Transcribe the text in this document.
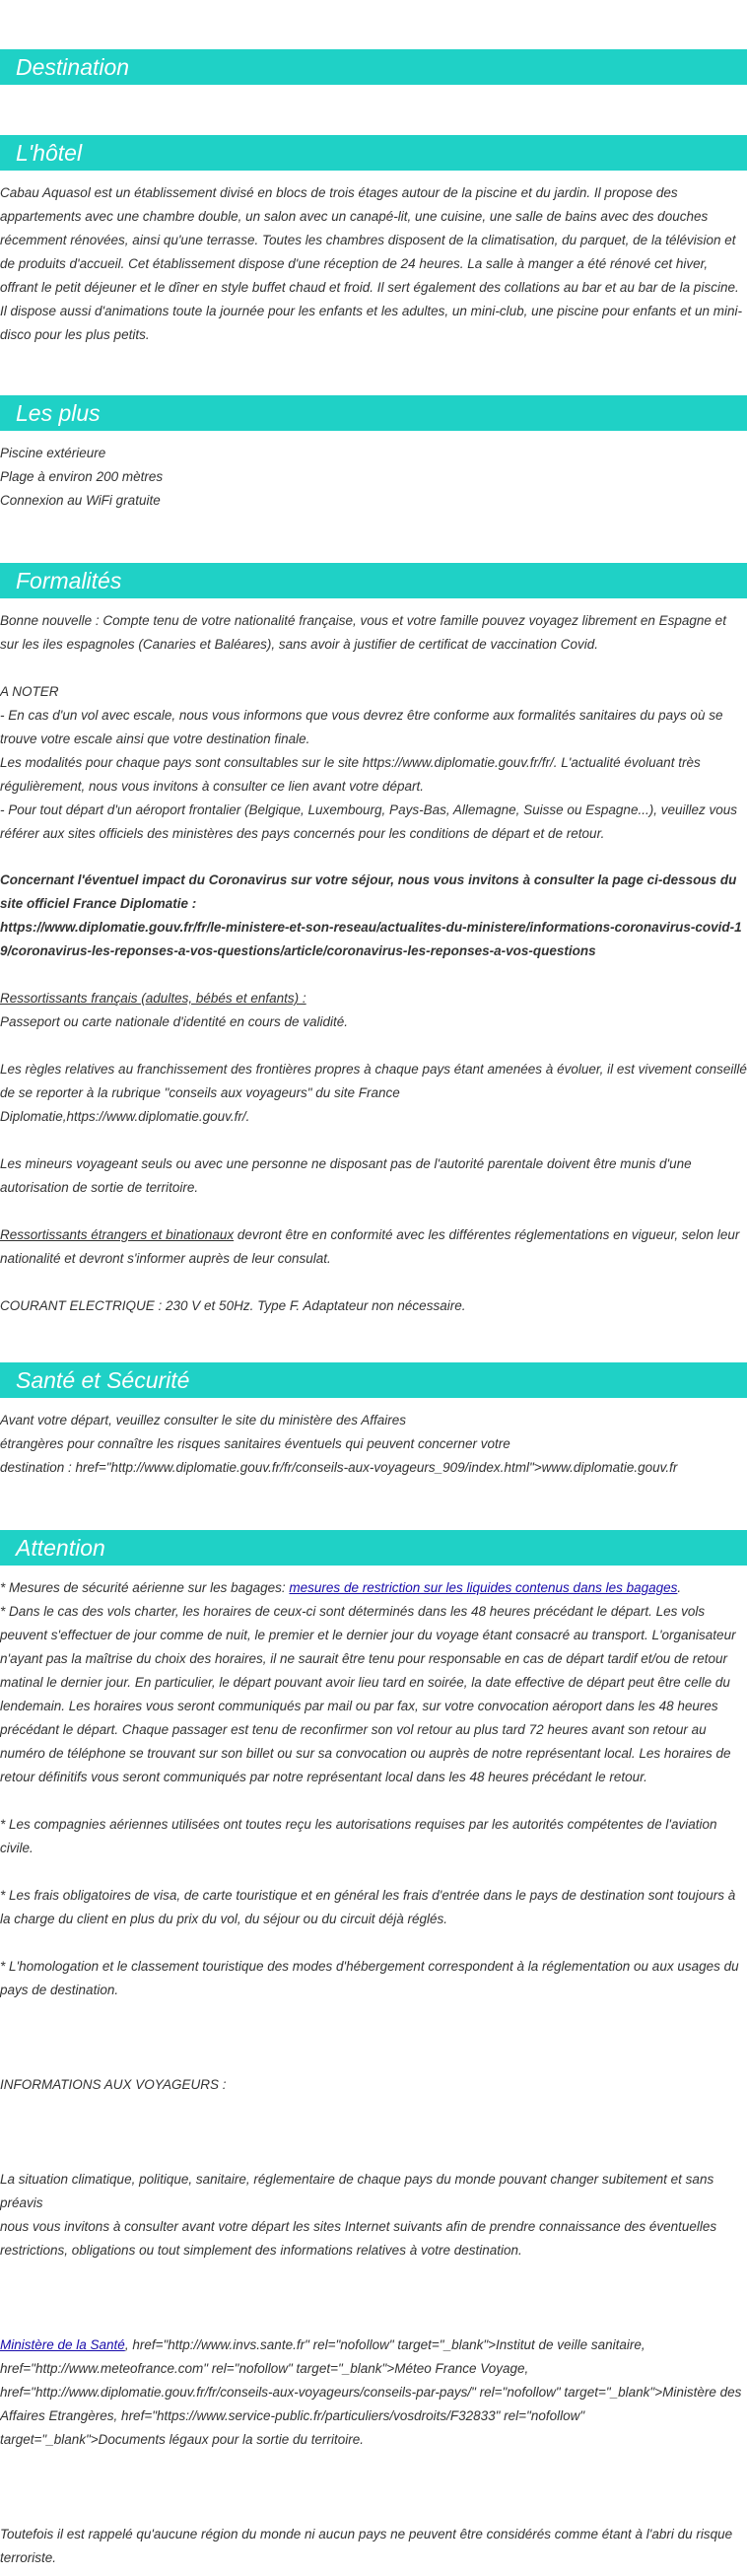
Destination
L'hôtel

Cabau Aquasol est un établissement divisé en blocs de trois étages autour de la piscine et du jardin. Il propose des appartements avec une chambre double, un salon avec un canapé-lit, une cuisine, une salle de bains avec des douches récemment rénovées, ainsi qu'une terrasse. Toutes les chambres disposent de la climatisation, du parquet, de la télévision et de produits d'accueil. Cet établissement dispose d'une réception de 24 heures. La salle à manger a été rénové cet hiver, offrant le petit déjeuner et le dîner en style buffet chaud et froid. Il sert également des collations au bar et au bar de la piscine. Il dispose aussi d'animations toute la journée pour les enfants et les adultes, un mini-club, une piscine pour enfants et un mini-disco pour les plus petits.

Les plus

Piscine extérieure

Plage à environ 200 mètres

Connexion au WiFi gratuite

Formalités

Bonne nouvelle : Compte tenu de votre nationalité française, vous et votre famille pouvez voyagez librement en Espagne et sur les iles espagnoles (Canaries et Baléares), sans avoir à justifier de certificat de vaccination Covid.

A NOTER

- En cas d'un vol avec escale, nous vous informons que vous devrez être conforme aux formalités sanitaires du pays où se trouve votre escale ainsi que votre destination finale.

Les modalités pour chaque pays sont consultables sur le site https://www.diplomatie.gouv.fr/fr/. L'actualité évoluant très régulièrement, nous vous invitons à consulter ce lien avant votre départ.

- Pour tout départ d'un aéroport frontalier (Belgique, Luxembourg, Pays-Bas, Allemagne, Suisse ou Espagne...), veuillez vous référer aux sites officiels des ministères des pays concernés pour les conditions de départ et de retour.

Concernant l'éventuel impact du Coronavirus sur votre séjour, nous vous invitons à consulter la page ci-dessous du site officiel France Diplomatie :

https://www.diplomatie.gouv.fr/fr/le-ministere-et-son-reseau/actualites-du-ministere/informations-coronavirus-covid-19/coronavirus-les-reponses-a-vos-questions/article/coronavirus-les-reponses-a-vos-questions

Ressortissants français (adultes, bébés et enfants) :

Passeport ou carte nationale d'identité en cours de validité.

Les règles relatives au franchissement des frontières propres à chaque pays étant amenées à évoluer, il est vivement conseillé de se reporter à la rubrique "conseils aux voyageurs" du site France

Diplomatie,https://www.diplomatie.gouv.fr/.

Les mineurs voyageant seuls ou avec une personne ne disposant pas de l'autorité parentale doivent être munis d'une autorisation de sortie de territoire.

Ressortissants étrangers et binationaux devront être en conformité avec les différentes réglementations en vigueur, selon leur nationalité et devront s'informer auprès de leur consulat.

COURANT ELECTRIQUE : 230 V et 50Hz. Type F. Adaptateur non nécessaire.

Santé et Sécurité

Avant votre départ, veuillez consulter le site du ministère des Affaires

étrangères pour connaître les risques sanitaires éventuels qui peuvent concerner votre

destination : href="http://www.diplomatie.gouv.fr/fr/conseils-aux-voyageurs_909/index.html">www.diplomatie.gouv.fr

Attention

* Mesures de sécurité aérienne sur les bagages: mesures de restriction sur les liquides contenus dans les bagages.

* Dans le cas des vols charter, les horaires de ceux-ci sont déterminés dans les 48 heures précédant le départ. Les vols peuvent s'effectuer de jour comme de nuit, le premier et le dernier jour du voyage étant consacré au transport. L'organisateur n'ayant pas la maîtrise du choix des horaires, il ne saurait être tenu pour responsable en cas de départ tardif et/ou de retour matinal le dernier jour. En particulier, le départ pouvant avoir lieu tard en soirée, la date effective de départ peut être celle du lendemain. Les horaires vous seront communiqués par mail ou par fax, sur votre convocation aéroport dans les 48 heures précédant le départ. Chaque passager est tenu de reconfirmer son vol retour au plus tard 72 heures avant son retour au numéro de téléphone se trouvant sur son billet ou sur sa convocation ou auprès de notre représentant local. Les horaires de retour définitifs vous seront communiqués par notre représentant local dans les 48 heures précédant le retour.

* Les compagnies aériennes utilisées ont toutes reçu les autorisations requises par les autorités compétentes de l'aviation civile.

* Les frais obligatoires de visa, de carte touristique et en général les frais d'entrée dans le pays de destination sont toujours à la charge du client en plus du prix du vol, du séjour ou du circuit déjà réglés.

* L'homologation et le classement touristique des modes d'hébergement correspondent à la réglementation ou aux usages du pays de destination.

INFORMATIONS AUX VOYAGEURS :

La situation climatique, politique, sanitaire, réglementaire de chaque pays du monde pouvant changer subitement et sans préavis

nous vous invitons à consulter avant votre départ les sites Internet suivants afin de prendre connaissance des éventuelles restrictions, obligations ou tout simplement des informations relatives à votre destination.

Ministère de la Santé, href="http://www.invs.sante.fr" rel="nofollow" target="_blank">Institut de veille sanitaire, href="http://www.meteofrance.com" rel="nofollow" target="_blank">Méteo France Voyage, href="http://www.diplomatie.gouv.fr/fr/conseils-aux-voyageurs/conseils-par-pays/" rel="nofollow" target="_blank">Ministère des Affaires Etrangères, href="https://www.service-public.fr/particuliers/vosdroits/F32833" rel="nofollow" target="_blank">Documents légaux pour la sortie du territoire.

Toutefois il est rappelé qu'aucune région du monde ni aucun pays ne peuvent être considérés comme étant à l'abri du risque terroriste.
